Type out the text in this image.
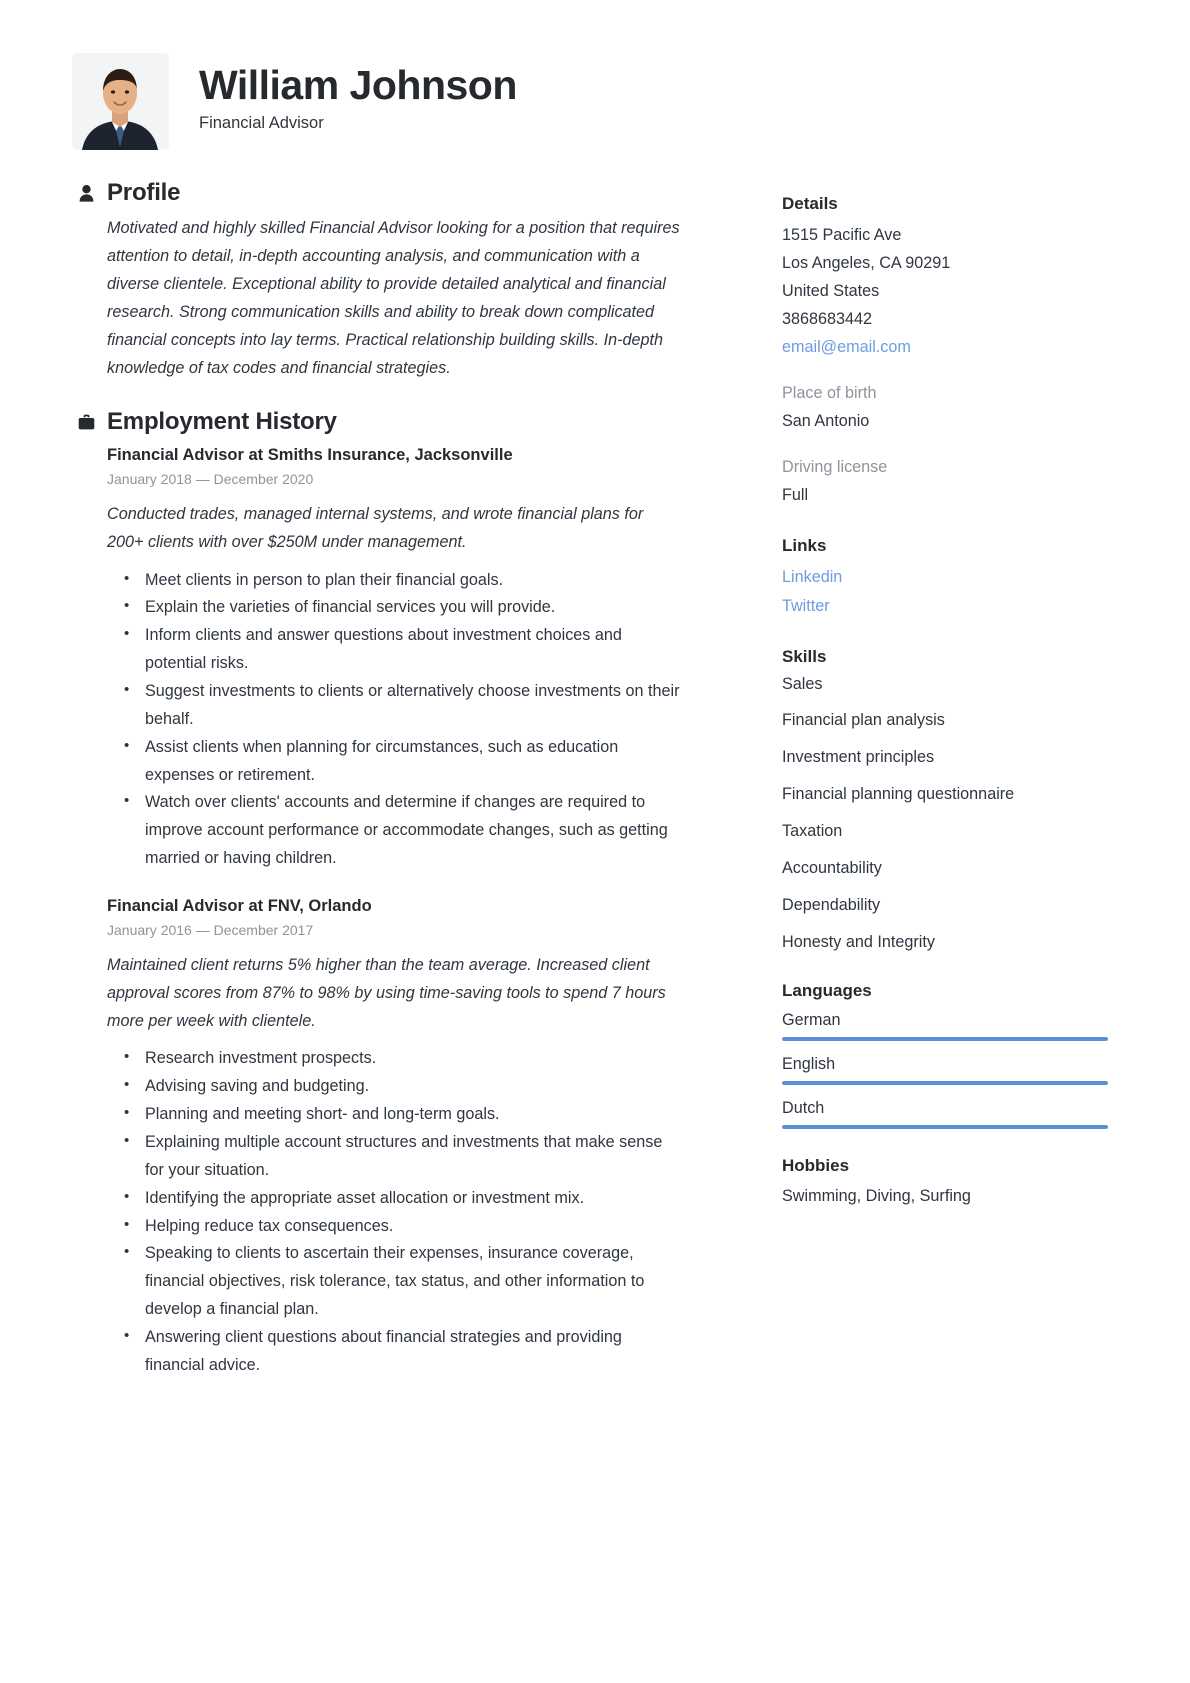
William Johnson
Financial Advisor
Profile
Motivated and highly skilled Financial Advisor looking for a position that requires attention to detail, in-depth accounting analysis, and communication with a diverse clientele. Exceptional ability to provide detailed analytical and financial research. Strong communication skills and ability to break down complicated financial concepts into lay terms. Practical relationship building skills. In-depth knowledge of tax codes and financial strategies.
Employment History
Financial Advisor at Smiths Insurance, Jacksonville
January 2018 — December 2020
Conducted trades, managed internal systems, and wrote financial plans for 200+ clients with over $250M under management.
• Meet clients in person to plan their financial goals.
• Explain the varieties of financial services you will provide.
• Inform clients and answer questions about investment choices and potential risks.
• Suggest investments to clients or alternatively choose investments on their behalf.
• Assist clients when planning for circumstances, such as education expenses or retirement.
• Watch over clients' accounts and determine if changes are required to improve account performance or accommodate changes, such as getting married or having children.
Financial Advisor at FNV, Orlando
January 2016 — December 2017
Maintained client returns 5% higher than the team average. Increased client approval scores from 87% to 98% by using time-saving tools to spend 7 hours more per week with clientele.
• Research investment prospects.
• Advising saving and budgeting.
• Planning and meeting short- and long-term goals.
• Explaining multiple account structures and investments that make sense for your situation.
• Identifying the appropriate asset allocation or investment mix.
• Helping reduce tax consequences.
• Speaking to clients to ascertain their expenses, insurance coverage, financial objectives, risk tolerance, tax status, and other information to develop a financial plan.
• Answering client questions about financial strategies and providing financial advice.
Details
1515 Pacific Ave
Los Angeles, CA 90291
United States
3868683442
email@email.com
Place of birth
San Antonio
Driving license
Full
Links
Linkedin
Twitter
Skills
Sales
Financial plan analysis
Investment principles
Financial planning questionnaire
Taxation
Accountability
Dependability
Honesty and Integrity
Languages
German
English
Dutch
Hobbies
Swimming, Diving, Surfing
